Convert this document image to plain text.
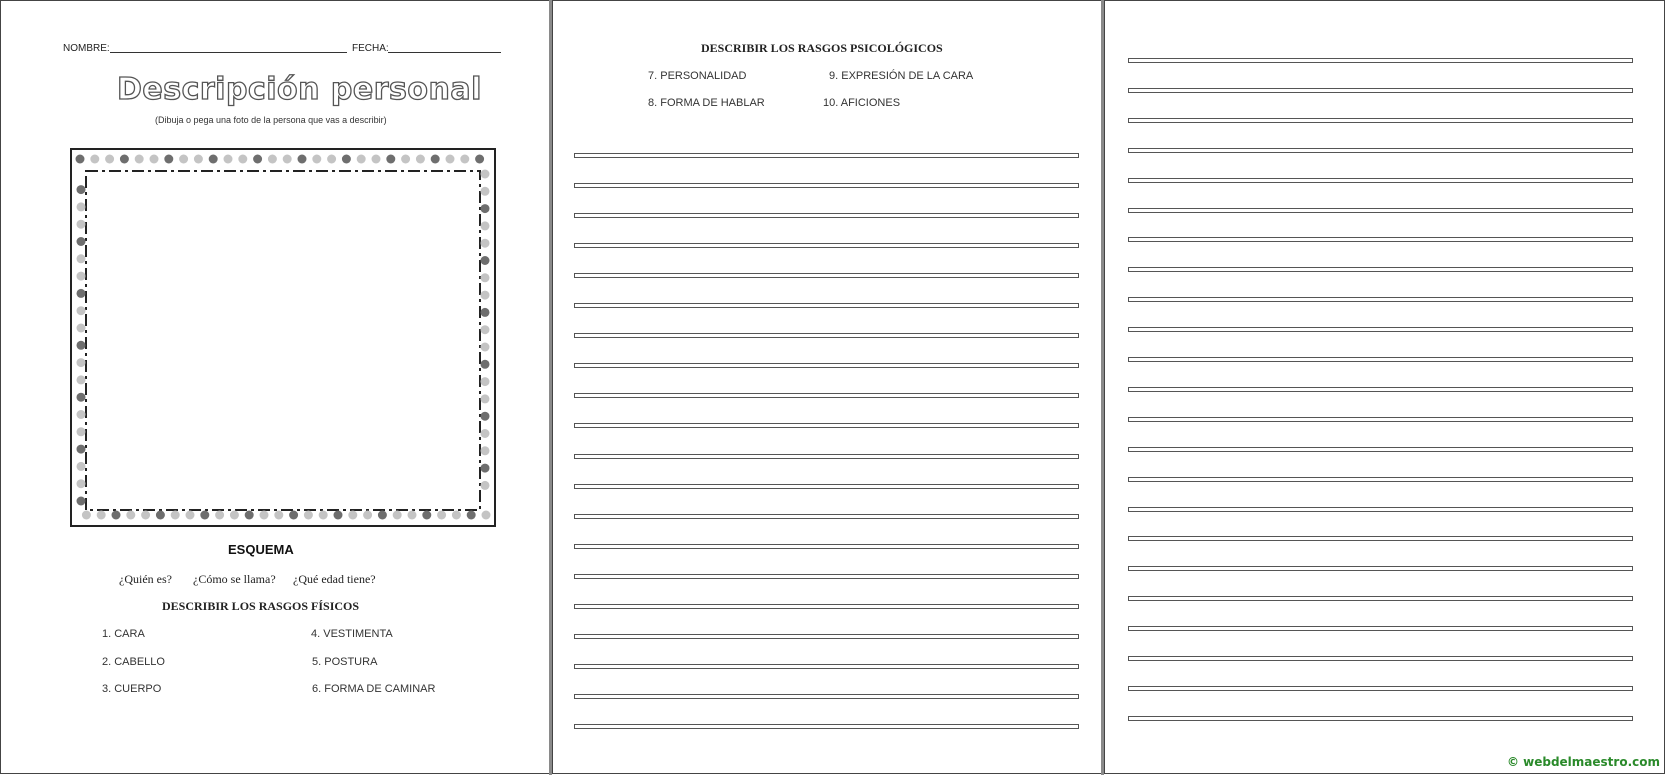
NOMBRE:	FECHA:
Descripción personal
(Dibuja o pega una foto de la persona que vas a describir)
ESQUEMA
¿Quién es? ¿Cómo se llama? ¿Qué edad tiene?
DESCRIBIR LOS RASGOS FÍSICOS
1. CARA	4. VESTIMENTA
2. CABELLO	5. POSTURA
3. CUERPO	6. FORMA DE CAMINAR
DESCRIBIR LOS RASGOS PSICOLÓGICOS
7. PERSONALIDAD	9. EXPRESIÓN DE LA CARA
8. FORMA DE HABLAR	10. AFICIONES
© webdelmaestro.com
